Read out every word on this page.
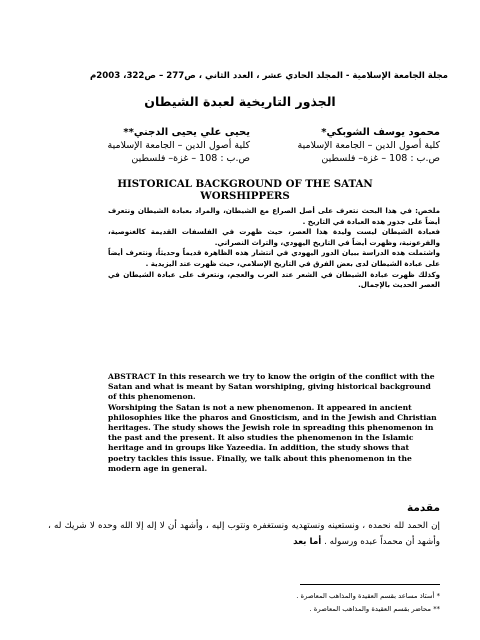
مجلة الجامعة الإسلامية - المجلد الحادي عشر ، العدد الثاني ، ص277 – ص322، 2003م
الجذور التاريخية لعبدة الشيطان
محمود يوسف الشوبكي*
كلية أصول الدين – الجامعة الإسلامية
ص.ب : 108 – غزة– فلسطين
يحيى علي يحيى الدجني**
كلية أصول الدين – الجامعة الإسلامية
ص.ب : 108 – غزة– فلسطين
HISTORICAL BACKGROUND OF THE SATAN WORSHIPPERS

ملخص: في هذا البحث نتعرف على أصل الصراع مع الشيطان، والمراد بعبادة الشيطان ونتعرف أيضاً على جذور هذه العبادة في التاريخ .

فعبادة الشيطان ليست وليدة هذا العصر، حيث ظهرت في الفلسفات القديمة كالغنوصية، والفرعونية، وظهرت أيضاً في التاريخ اليهودي، والتراث النصراني.

واشتملت هذه الدراسة ببيان الدور اليهودي في انتشار هذه الظاهرة قديماً وحديثاً، ونتعرف أيضاً على عبادة الشيطان لدى بعض الفرق في التاريخ الإسلامي، حيث ظهرت عند اليزيدية .

وكذلك ظهرت عبادة الشيطان في الشعر عند العرب والعجم، ونتعرف على عبادة الشيطان في العصر الحديث بالإجمال.

ABSTRACT In this research we try to know the origin of the conflict with the Satan and what is meant by Satan worshiping, giving historical background of this phenomenon.

Worshiping the Satan is not a new phenomenon. It appeared in ancient philosophies like the pharos and Gnosticism, and in the Jewish and Christian heritages. The study shows the Jewish role in spreading this phenomenon in the past and the present. It also studies the phenomenon in the Islamic heritage and in groups like Yazeedia. In addition, the study shows that poetry tackles this issue. Finally, we talk about this phenomenon in the modern age in general.

مقدمة
إن الحمد لله نحمده ، ونستعينه ونستهديه ونستغفره ونتوب إليه ، وأشهد أن لا إله إلا الله وحده لا شريك له ، وأشهد أن محمداً عبده ورسوله . أما بعد
* أستاذ مساعد بقسم العقيدة والمذاهب المعاصرة .
** محاضر بقسم العقيدة والمذاهب المعاصرة .
